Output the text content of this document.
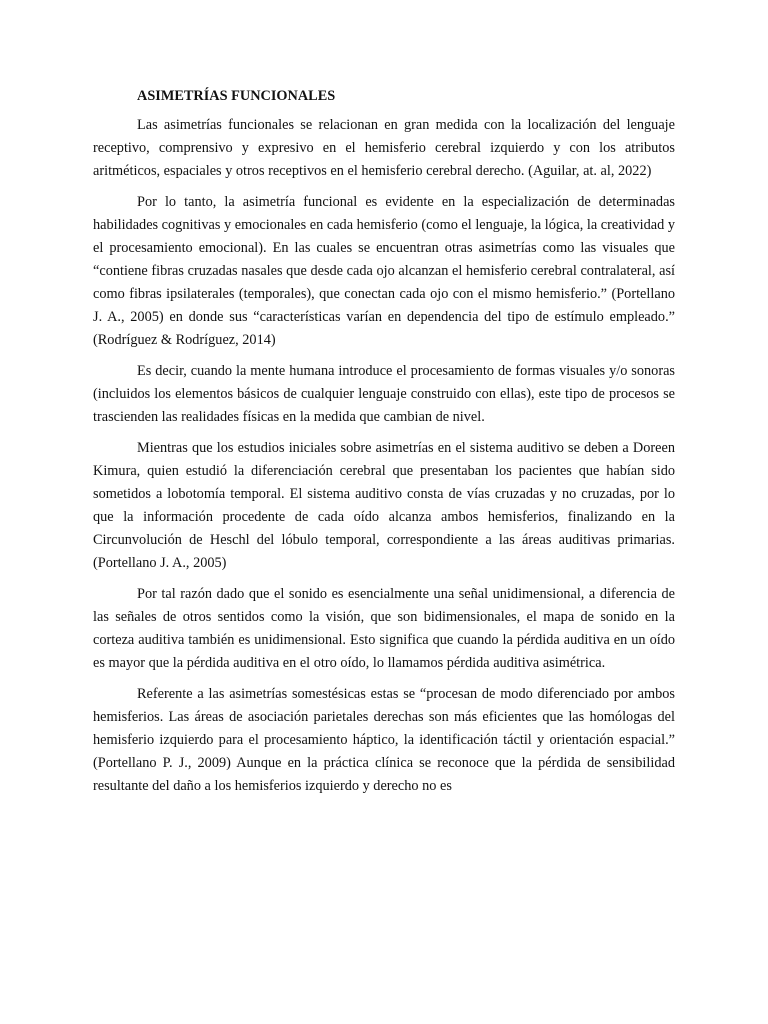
ASIMETRÍAS FUNCIONALES

Las asimetrías funcionales se relacionan en gran medida con la localización del lenguaje receptivo, comprensivo y expresivo en el hemisferio cerebral izquierdo y con los atributos aritméticos, espaciales y otros receptivos en el hemisferio cerebral derecho. (Aguilar, at. al, 2022)

Por lo tanto, la asimetría funcional es evidente en la especialización de determinadas habilidades cognitivas y emocionales en cada hemisferio (como el lenguaje, la lógica, la creatividad y el procesamiento emocional). En las cuales se encuentran otras asimetrías como las visuales que “contiene fibras cruzadas nasales que desde cada ojo alcanzan el hemisferio cerebral contralateral, así como fibras ipsilaterales (temporales), que conectan cada ojo con el mismo hemisferio.” (Portellano J. A., 2005) en donde sus “características varían en dependencia del tipo de estímulo empleado.” (Rodríguez & Rodríguez, 2014)

Es decir, cuando la mente humana introduce el procesamiento de formas visuales y/o sonoras (incluidos los elementos básicos de cualquier lenguaje construido con ellas), este tipo de procesos se trascienden las realidades físicas en la medida que cambian de nivel.

Mientras que los estudios iniciales sobre asimetrías en el sistema auditivo se deben a Doreen Kimura, quien estudió la diferenciación cerebral que presentaban los pacientes que habían sido sometidos a lobotomía temporal. El sistema auditivo consta de vías cruzadas y no cruzadas, por lo que la información procedente de cada oído alcanza ambos hemisferios, finalizando en la Circunvolución de Heschl del lóbulo temporal, correspondiente a las áreas auditivas primarias. (Portellano J. A., 2005)

Por tal razón dado que el sonido es esencialmente una señal unidimensional, a diferencia de las señales de otros sentidos como la visión, que son bidimensionales, el mapa de sonido en la corteza auditiva también es unidimensional. Esto significa que cuando la pérdida auditiva en un oído es mayor que la pérdida auditiva en el otro oído, lo llamamos pérdida auditiva asimétrica.

Referente a las asimetrías somestésicas estas se “procesan de modo diferenciado por ambos hemisferios. Las áreas de asociación parietales derechas son más eficientes que las homólogas del hemisferio izquierdo para el procesamiento háptico, la identificación táctil y orientación espacial.” (Portellano P. J., 2009) Aunque en la práctica clínica se reconoce que la pérdida de sensibilidad resultante del daño a los hemisferios izquierdo y derecho no es
